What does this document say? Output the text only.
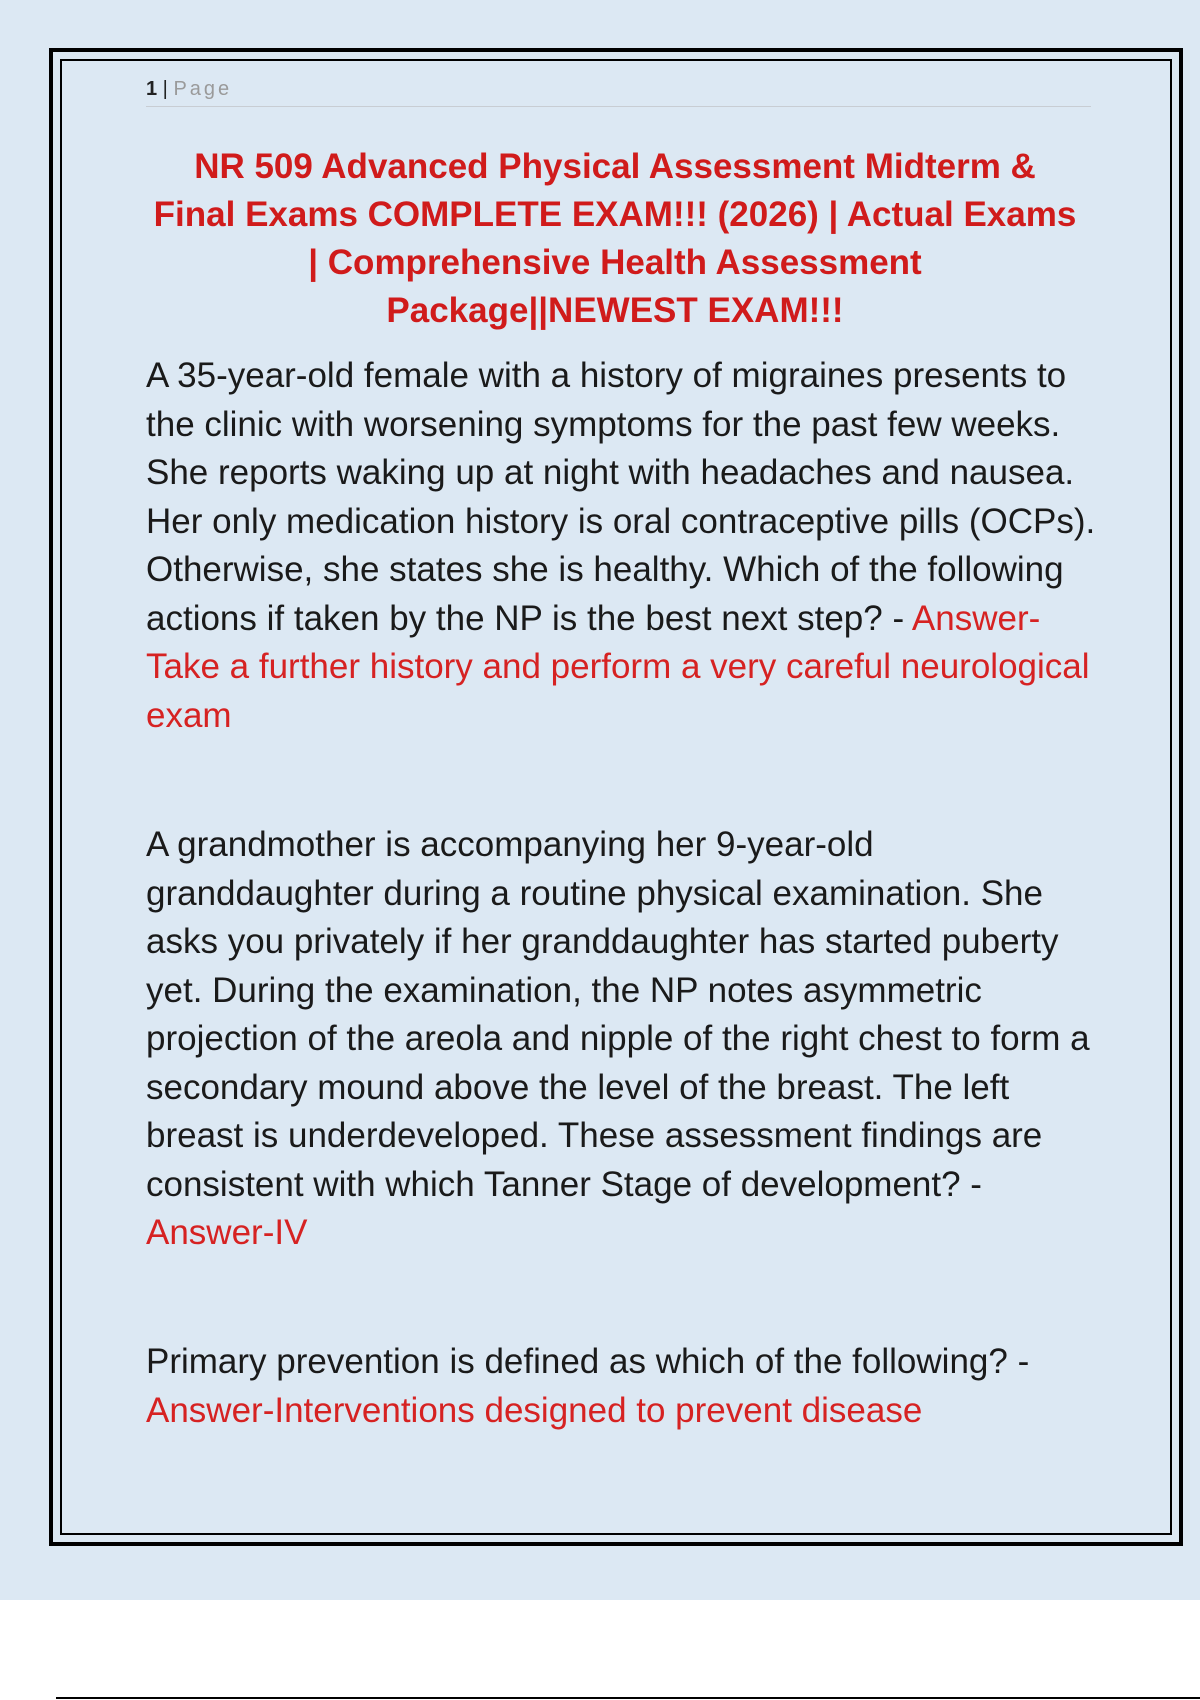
1 | Page
NR 509 Advanced Physical Assessment Midterm & Final Exams COMPLETE EXAM!!! (2026) | Actual Exams | Comprehensive Health Assessment Package||NEWEST EXAM!!!

A 35-year-old female with a history of migraines presents to the clinic with worsening symptoms for the past few weeks. She reports waking up at night with headaches and nausea. Her only medication history is oral contraceptive pills (OCPs). Otherwise, she states she is healthy. Which of the following actions if taken by the NP is the best next step? - Answer-Take a further history and perform a very careful neurological exam

A grandmother is accompanying her 9-year-old granddaughter during a routine physical examination. She asks you privately if her granddaughter has started puberty yet. During the examination, the NP notes asymmetric projection of the areola and nipple of the right chest to form a secondary mound above the level of the breast. The left breast is underdeveloped. These assessment findings are consistent with which Tanner Stage of development? - Answer-IV

Primary prevention is defined as which of the following? - Answer-Interventions designed to prevent disease
